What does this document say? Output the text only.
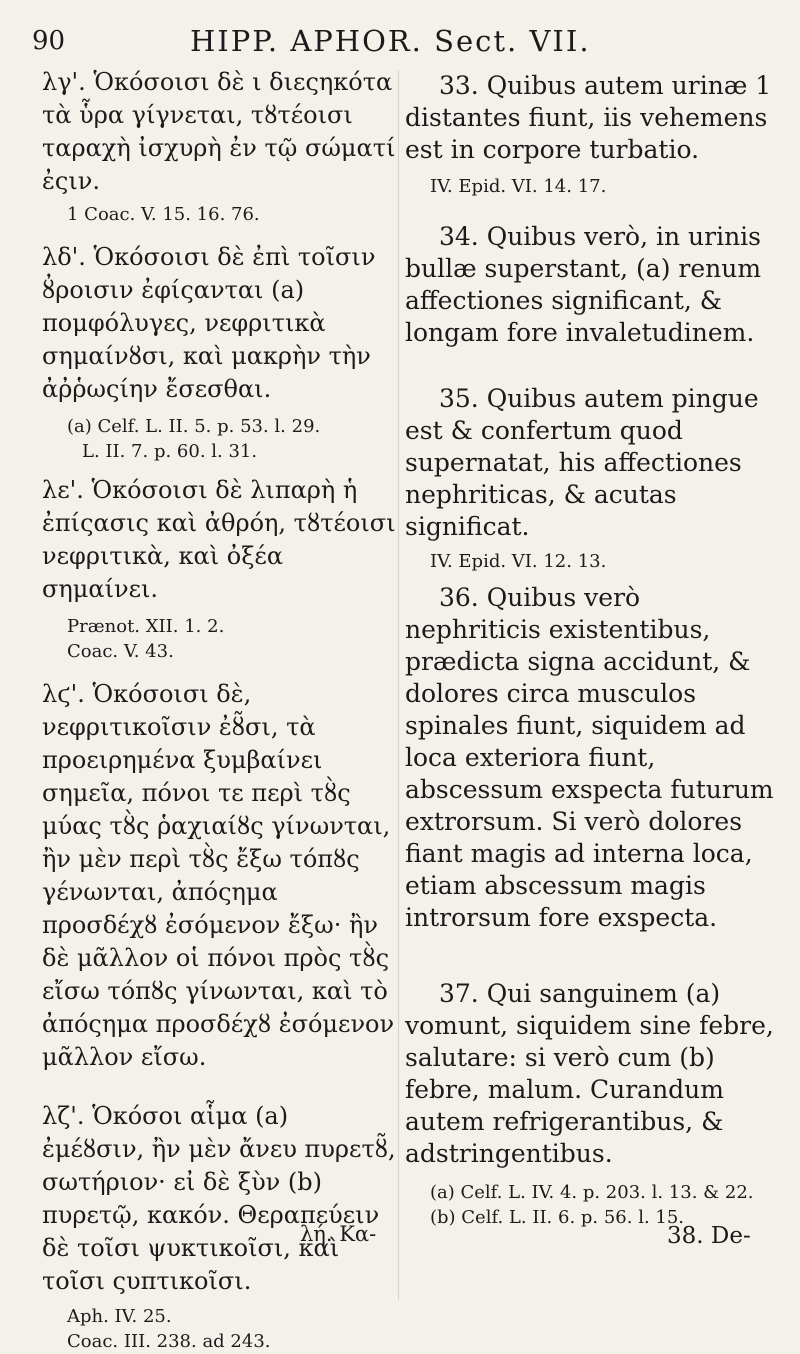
90	HIPP. APHOR. Sect. VII.

λγ'. Ὁκόσοισι δὲ ι διεςηκότα τὰ ὗρα γίγνεται, τȣτέοισι ταραχὴ ἰσχυρὴ ἐν τῷ σώματί ἐςιν.

1 Coac. V. 15. 16. 76.

λδ'. Ὁκόσοισι δὲ ἐπὶ τοῖσιν ȣ̓ροισιν ἐφίςανται (a) πομφόλυγες, νεφριτικὰ σημαίνȣσι, καὶ μακρὴν τὴν ἀῤῥωςίην ἔσεσθαι.

(a) Celf. L. II. 5. p. 53. l. 29.

L. II. 7. p. 60. l. 31.

λε'. Ὁκόσοισι δὲ λιπαρὴ ἡ ἐπίςασις καὶ ἀθρόη, τȣτέοισι νεφριτικὰ, καὶ ὀξέα σημαίνει.

Prænot. XII. 1. 2.

Coac. V. 43.

λϛ'. Ὁκόσοισι δὲ, νεφριτικοῖσιν ἐȣ̃σι, τὰ προειρημένα ξυμβαίνει σημεῖα, πόνοι τε περὶ τȣ̀ς μύας τȣ̀ς ῥαχιαίȣς γίνωνται, ἢν μὲν περὶ τȣ̀ς ἔξω τόπȣς γένωνται, ἀπόςημα προσδέχȣ ἐσόμενον ἔξω· ἢν δὲ μᾶλλον οἱ πόνοι πρὸς τȣ̀ς εἴσω τόπȣς γίνωνται, καὶ τὸ ἀπόςημα προσδέχȣ ἐσόμενον μᾶλλον εἴσω.

λζ'. Ὁκόσοι αἷμα (a) ἐμέȣσιν, ἢν μὲν ἄνευ πυρετȣ̃, σωτήριον· εἰ δὲ ξὺν (b) πυρετῷ, κακόν. Θεραπεύειν δὲ τοῖσι ψυκτικοῖσι, καὶ τοῖσι ςυπτικοῖσι.

Aph. IV. 25.

Coac. III. 238. ad 243.

33. Quibus autem urinæ 1 distantes fiunt, iis vehemens est in corpore turbatio.

IV. Epid. VI. 14. 17.

34. Quibus verò, in urinis bullæ superstant, (a) renum affectiones significant, & longam fore invaletudinem.

35. Quibus autem pingue est & confertum quod supernatat, his affectiones nephriticas, & acutas significat.

IV. Epid. VI. 12. 13.

36. Quibus verò nephriticis existentibus, prædicta signa accidunt, & dolores circa musculos spinales fiunt, siquidem ad loca exteriora fiunt, abscessum exspecta futurum extrorsum. Si verò dolores fiant magis ad interna loca, etiam abscessum magis introrsum fore exspecta.

37. Qui sanguinem (a) vomunt, siquidem sine febre, salutare: si verò cum (b) febre, malum. Curandum autem refrigerantibus, & adstringentibus.

(a) Celf. L. IV. 4. p. 203. l. 13. & 22.

(b) Celf. L. II. 6. p. 56. l. 15.

λή. Κα-	38. De-
